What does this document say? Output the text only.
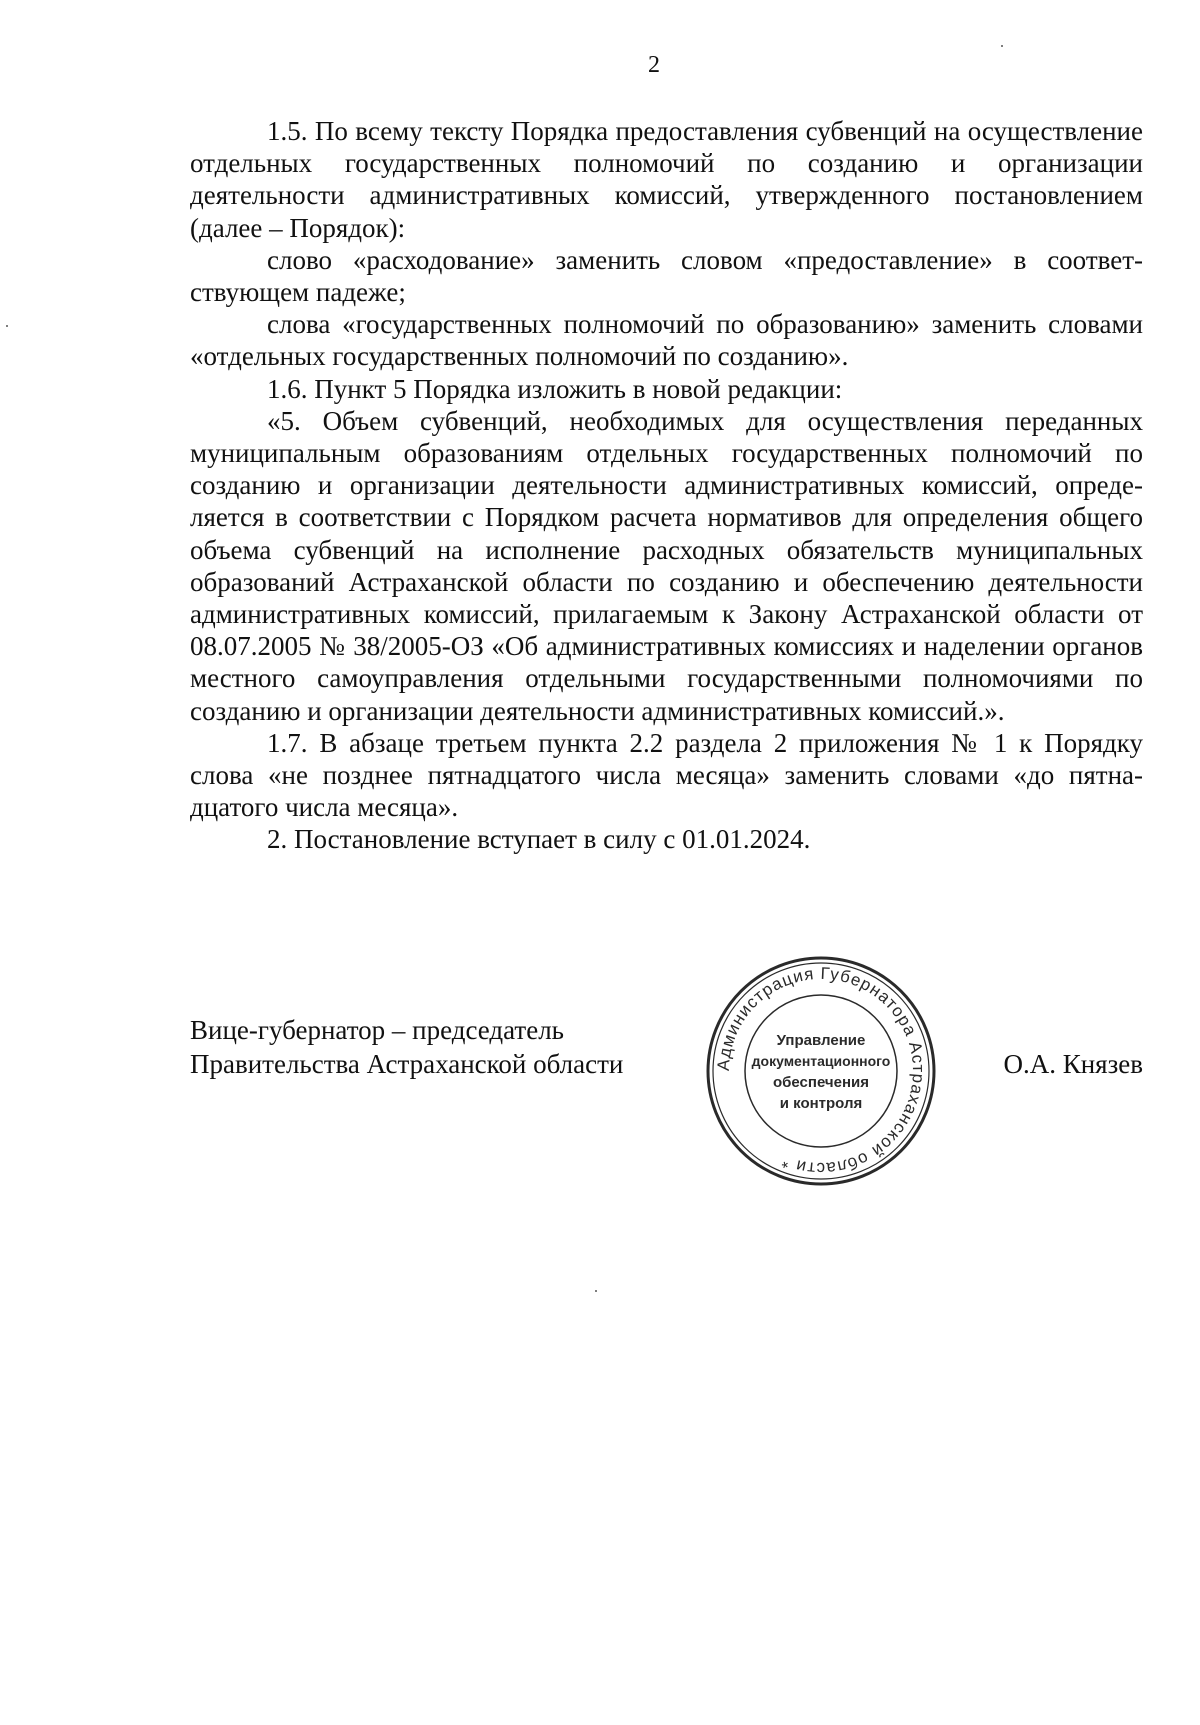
2

1.5. По всему тексту Порядка предоставления субвенций на осуществление отдельных государственных полномочий по созданию и организации деятельности административных комиссий, утвержденного постановлением (далее – Порядок):

слово «расходование» заменить словом «предоставление» в соответствующем падеже;

слова «государственных полномочий по образованию» заменить словами «отдельных государственных полномочий по созданию».

1.6. Пункт 5 Порядка изложить в новой редакции:

«5. Объем субвенций, необходимых для осуществления переданных муниципальным образованиям отдельных государственных полномочий по созданию и организации деятельности административных комиссий, определяется в соответствии с Порядком расчета нормативов для определения общего объема субвенций на исполнение расходных обязательств муниципальных образований Астраханской области по созданию и обеспечению деятельности административных комиссий, прилагаемым к Закону Астраханской области от 08.07.2005 № 38/2005-ОЗ «Об административных комиссиях и наделении органов местного самоуправления отдельными государственными полномочиями по созданию и организации деятельности административных комиссий.».

1.7. В абзаце третьем пункта 2.2 раздела 2 приложения № 1 к Порядку слова «не позднее пятнадцатого числа месяца» заменить словами «до пятнадцатого числа месяца».

2. Постановление вступает в силу с 01.01.2024.

Вице-губернатор – председатель
Правительства Астраханской области	Администрация Губернатора Астраханской области *
Управление
документационного
обеспечения
и контроля
О.А. Князев
